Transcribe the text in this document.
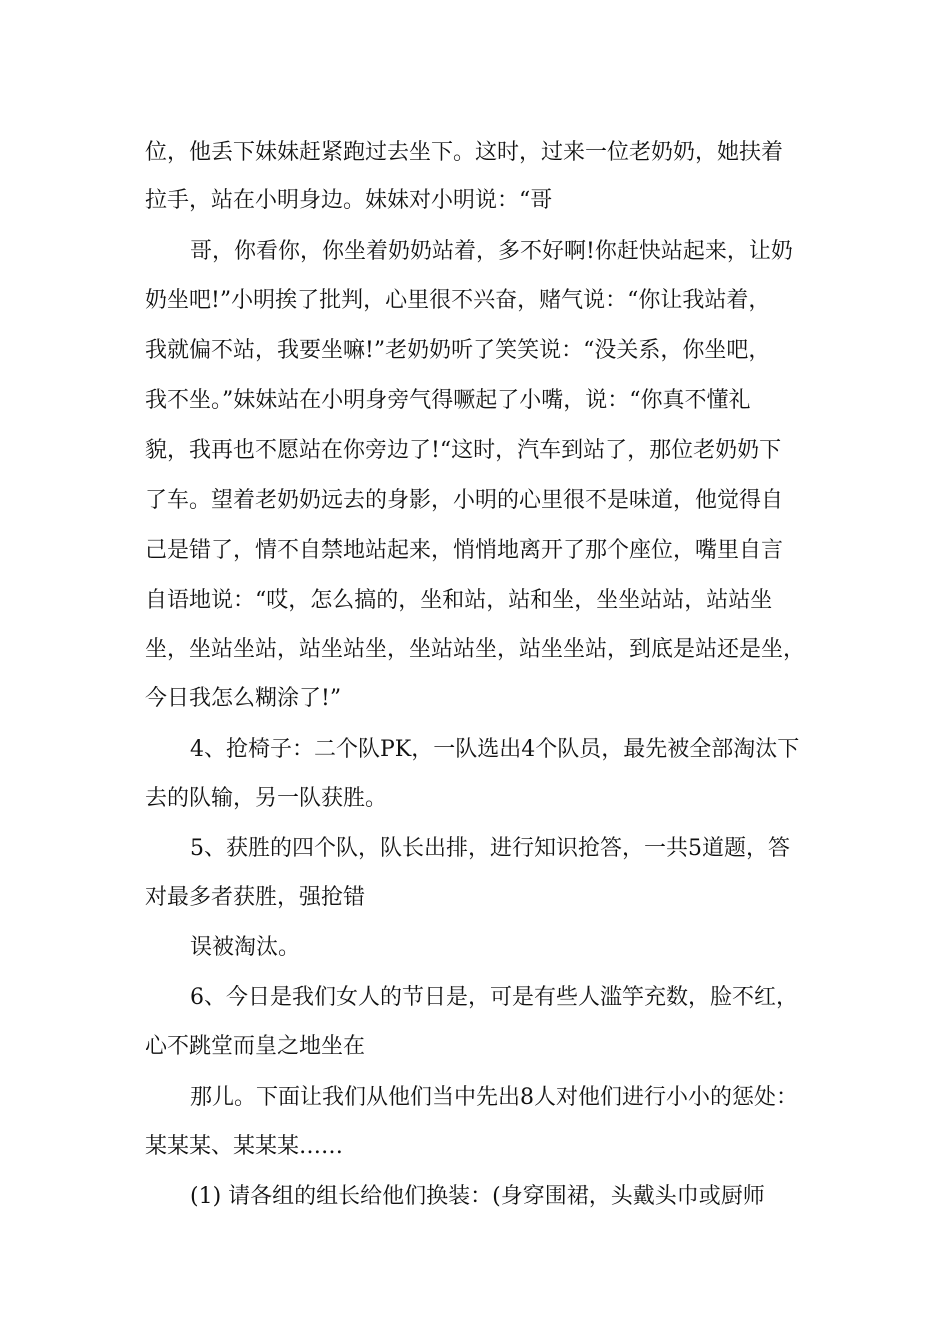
位，他丢下妹妹赶紧跑过去坐下。这时，过来一位老奶奶，她扶着

拉手，站在小明身边。妹妹对小明说：“哥

哥，你看你，你坐着奶奶站着，多不好啊!你赶快站起来，让奶

奶坐吧!”小明挨了批判，心里很不兴奋，赌气说：“你让我站着，

我就偏不站，我要坐嘛!”老奶奶听了笑笑说：“没关系，你坐吧，

我不坐。”妹妹站在小明身旁气得噘起了小嘴，说：“你真不懂礼

貌，我再也不愿站在你旁边了!“这时，汽车到站了，那位老奶奶下

了车。望着老奶奶远去的身影，小明的心里很不是味道，他觉得自

己是错了，情不自禁地站起来，悄悄地离开了那个座位，嘴里自言

自语地说：“哎，怎么搞的，坐和站，站和坐，坐坐站站，站站坐

坐，坐站坐站，站坐站坐，坐站站坐，站坐坐站，到底是站还是坐，

今日我怎么糊涂了!”

4、抢椅子：二个队PK，一队选出4个队员，最先被全部淘汰下

去的队输，另一队获胜。

5、获胜的四个队，队长出排，进行知识抢答，一共5道题，答

对最多者获胜，强抢错

误被淘汰。

6、今日是我们女人的节日是，可是有些人滥竽充数，脸不红，

心不跳堂而皇之地坐在

那儿。下面让我们从他们当中先出8人对他们进行小小的惩处：

某某某、某某某……

(1) 请各组的组长给他们换装：(身穿围裙，头戴头巾或厨师
